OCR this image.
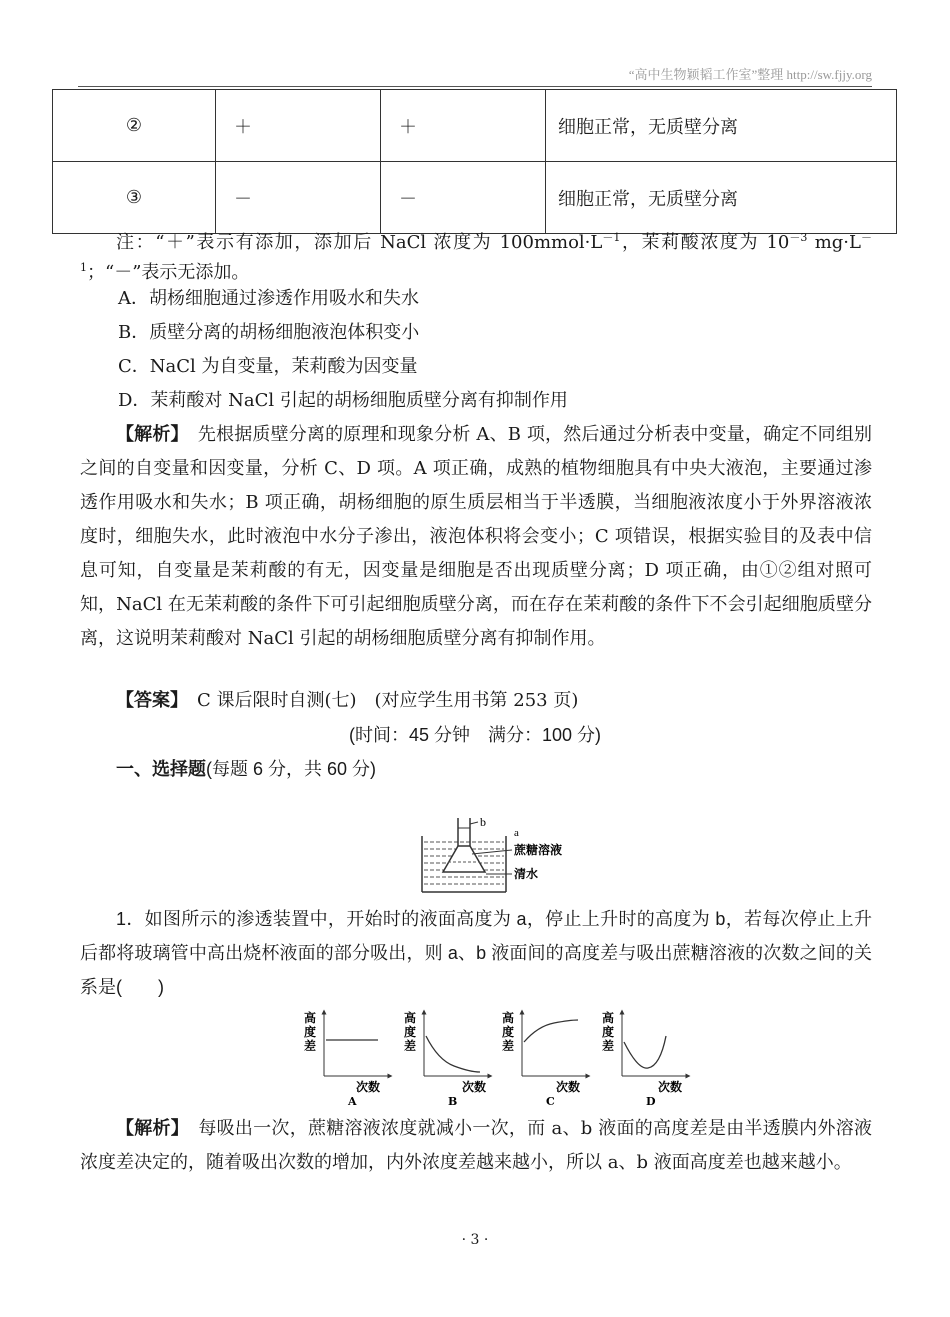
“高中生物颖韬工作室”整理 http://sw.fjjy.org
②	＋	＋	细胞正常，无质壁分离
③	－	－	细胞正常，无质壁分离
注：“＋”表示有添加，添加后 NaCl 浓度为 $100mmol\cdot L^{-1}$，茉莉酸浓度为 $10^{-3}$ $mg\cdot L^{-1}$；“－”表示无添加。
A．胡杨细胞通过渗透作用吸水和失水
B．质壁分离的胡杨细胞液泡体积变小
C．NaCl 为自变量，茉莉酸为因变量
D．茉莉酸对 NaCl 引起的胡杨细胞质壁分离有抑制作用
【解析】　先根据质壁分离的原理和现象分析 A、B 项，然后通过分析表中变量，确定不同组别之间的自变量和因变量，分析 C、D 项。A 项正确，成熟的植物细胞具有中央大液泡，主要通过渗透作用吸水和失水；B 项正确，胡杨细胞的原生质层相当于半透膜，当细胞液浓度小于外界溶液浓度时，细胞失水，此时液泡中水分子渗出，液泡体积将会变小；C 项错误，根据实验目的及表中信息可知，自变量是茉莉酸的有无，因变量是细胞是否出现质壁分离；D 项正确，由①②组对照可知，NaCl 在无茉莉酸的条件下可引起细胞质壁分离，而在存在茉莉酸的条件下不会引起细胞质壁分离，这说明茉莉酸对 NaCl 引起的胡杨细胞质壁分离有抑制作用。
【答案】　C 课后限时自测(七)　(对应学生用书第 253 页)
(时间：45 分钟　满分：100 分)
一、选择题(每题 6 分，共 60 分)
b
a
蔗糖溶液
清水
1．如图所示的渗透装置中，开始时的液面高度为 a，停止上升时的高度为 b，若每次停止上升后都将玻璃管中高出烧杯液面的部分吸出，则 a、b 液面间的高度差与吸出蔗糖溶液的次数之间的关系是(　　)
高
度
差
次数
A
高
度
差
次数
B
高
度
差
次数
C
高
度
差
次数
D
【解析】　每吸出一次，蔗糖溶液浓度就减小一次，而 a、b 液面的高度差是由半透膜内外溶液浓度差决定的，随着吸出次数的增加，内外浓度差越来越小，所以 a、b 液面高度差也越来越小。
· 3 ·
